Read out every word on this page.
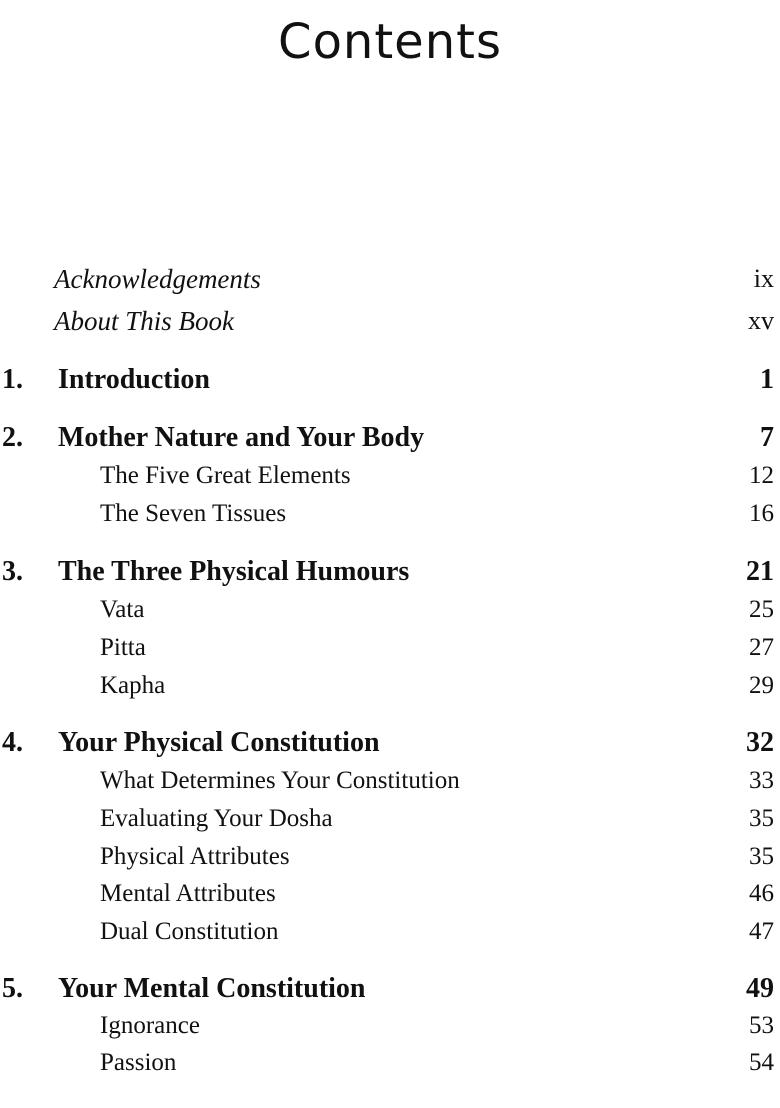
Contents
Acknowledgements	ix
About This Book	xv
1. Introduction	1
2. Mother Nature and Your Body	7
The Five Great Elements	12
The Seven Tissues	16
3. The Three Physical Humours	21
Vata	25
Pitta	27
Kapha	29
4. Your Physical Constitution	32
What Determines Your Constitution	33
Evaluating Your Dosha	35
Physical Attributes	35
Mental Attributes	46
Dual Constitution	47
5. Your Mental Constitution	49
Ignorance	53
Passion	54
